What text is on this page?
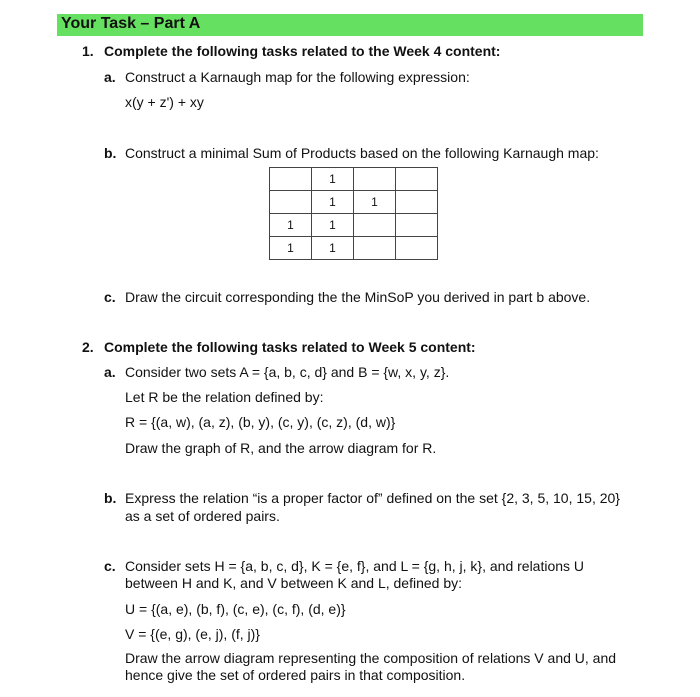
Your Task – Part A
1. Complete the following tasks related to the Week 4 content:
a. Construct a Karnaugh map for the following expression:
x(y + z') + xy
b. Construct a minimal Sum of Products based on the following Karnaugh map:
	1		
	1	1	
1	1		
1	1		
c. Draw the circuit corresponding the the MinSoP you derived in part b above.
2. Complete the following tasks related to Week 5 content:
a. Consider two sets A = {a, b, c, d} and B = {w, x, y, z}.
Let R be the relation defined by:
R = {(a, w), (a, z), (b, y), (c, y), (c, z), (d, w)}
Draw the graph of R, and the arrow diagram for R.
b. Express the relation “is a proper factor of” defined on the set {2, 3, 5, 10, 15, 20}
as a set of ordered pairs.
c. Consider sets H = {a, b, c, d}, K = {e, f}, and L = {g, h, j, k}, and relations U
between H and K, and V between K and L, defined by:
U = {(a, e), (b, f), (c, e), (c, f), (d, e)}
V = {(e, g), (e, j), (f, j)}
Draw the arrow diagram representing the composition of relations V and U, and
hence give the set of ordered pairs in that composition.
